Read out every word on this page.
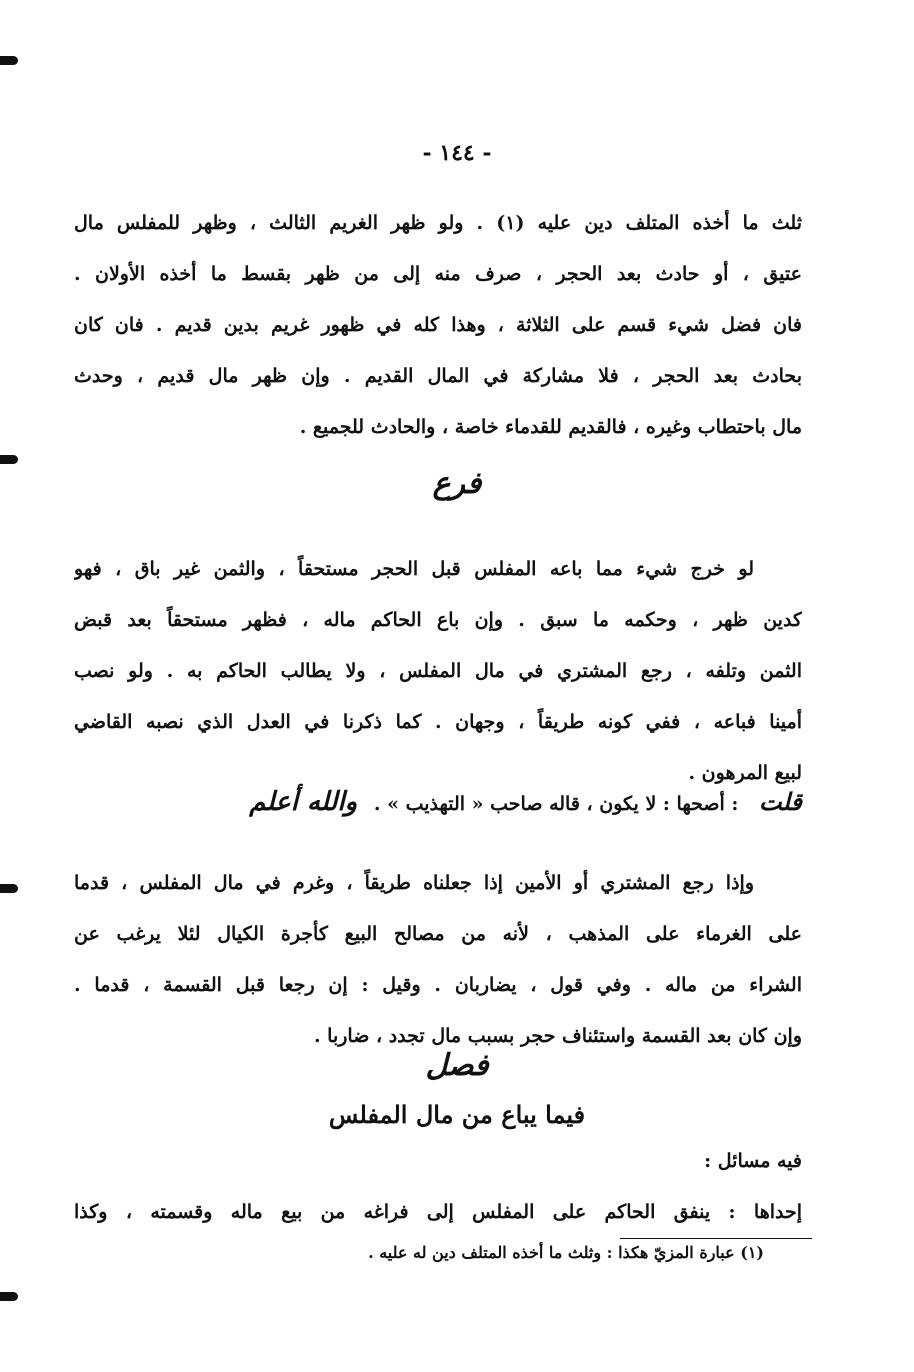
- ١٤٤ -
ثلث ما أخذه المتلف دين عليه (١) . ولو ظهر الغريم الثالث ، وظهر للمفلس مال
عتيق ، أو حادث بعد الحجر ، صرف منه إلى من ظهر بقسط ما أخذه الأولان .
فان فضل شيء قسم على الثلاثة ، وهذا كله في ظهور غريم بدين قديم . فان كان
بحادث بعد الحجر ، فلا مشاركة في المال القديم . وإن ظهر مال قديم ، وحدث
مال باحتطاب وغيره ، فالقديم للقدماء خاصة ، والحادث للجميع .
فرع
لو خرج شيء مما باعه المفلس قبل الحجر مستحقاً ، والثمن غير باق ، فهو
كدين ظهر ، وحكمه ما سبق . وإن باع الحاكم ماله ، فظهر مستحقاً بعد قبض
الثمن وتلفه ، رجع المشتري في مال المفلس ، ولا يطالب الحاكم به . ولو نصب
أمينا فباعه ، ففي كونه طريقاً ، وجهان . كما ذكرنا في العدل الذي نصبه القاضي
لبيع المرهون .
قلت : أصحها : لا يكون ، قاله صاحب « التهذيب » . والله أعلم
وإذا رجع المشتري أو الأمين إذا جعلناه طريقاً ، وغرم في مال المفلس ، قدما
على الغرماء على المذهب ، لأنه من مصالح البيع كأجرة الكيال لئلا يرغب عن
الشراء من ماله . وفي قول ، يضاربان . وقيل : إن رجعا قبل القسمة ، قدما .
وإن كان بعد القسمة واستئناف حجر بسبب مال تجدد ، ضاربا .
فصل
فيما يباع من مال المفلس
فيه مسائل :
إحداها : ينفق الحاكم على المفلس إلى فراغه من بيع ماله وقسمته ، وكذا
(١) عبارة المزيّ هكذا : وثلث ما أخذه المتلف دين له عليه .
